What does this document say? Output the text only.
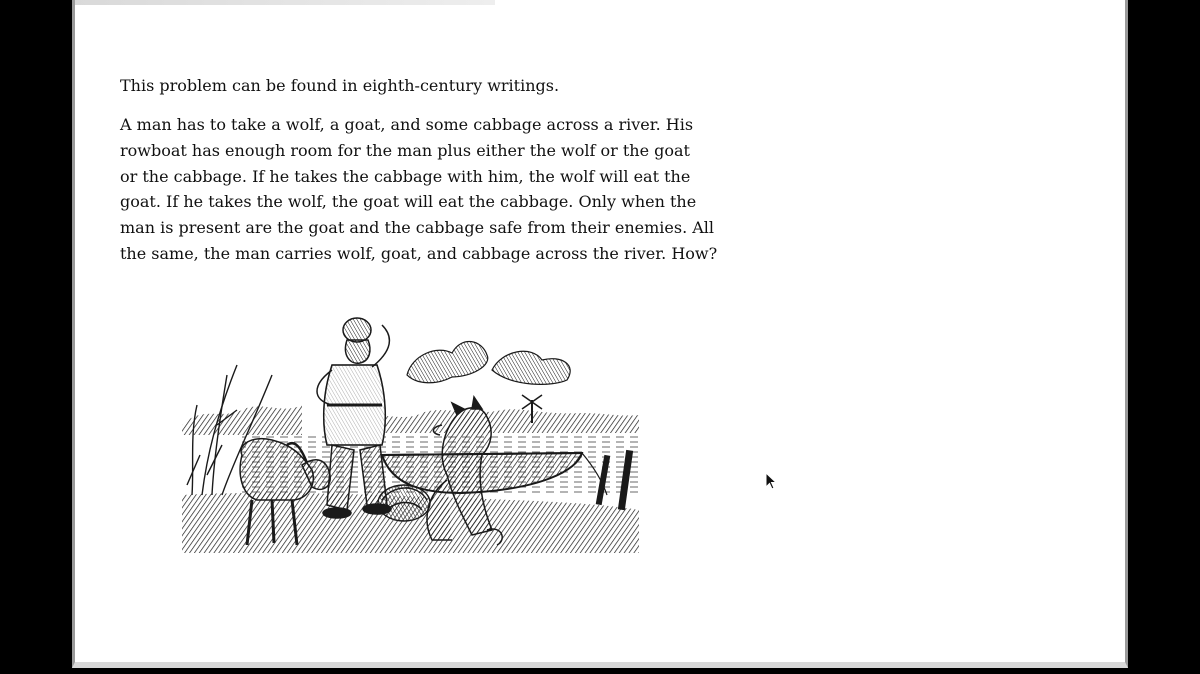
This problem can be found in eighth-century writings.

A man has to take a wolf, a goat, and some cabbage across a river. His
rowboat has enough room for the man plus either the wolf or the goat
or the cabbage. If he takes the cabbage with him, the wolf will eat the
goat. If he takes the wolf, the goat will eat the cabbage. Only when the
man is present are the goat and the cabbage safe from their enemies. All
the same, the man carries wolf, goat, and cabbage across the river. How?
